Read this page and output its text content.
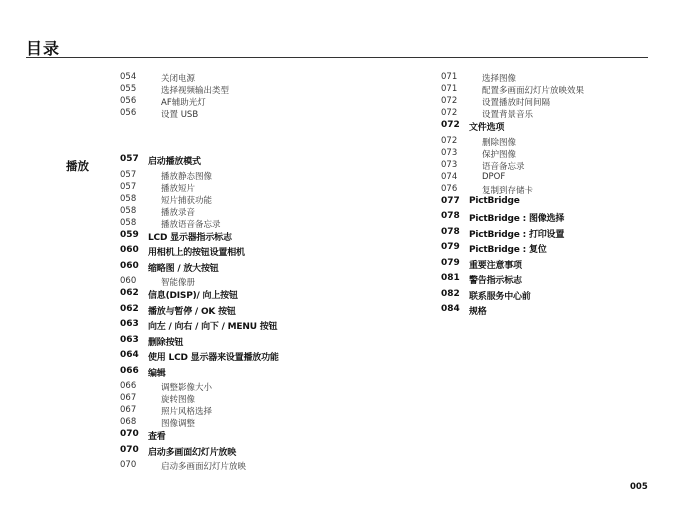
目录
播放
054	关闭电源
055	选择视频输出类型
056	AF辅助光灯
056	设置 USB
057 启动播放模式
057	播放静态图像
057	播放短片
058	短片捕获功能
058	播放录音
058	播放语音备忘录
059 LCD 显示器指示标志
060 用相机上的按钮设置相机
060 缩略图 / 放大按钮
060	智能像册
062 信息(DISP)/ 向上按钮
062 播放与暂停 / OK 按钮
063 向左 / 向右 / 向下 / MENU 按钮
063 删除按钮
064 使用 LCD 显示器来设置播放功能
066 编辑
066	调整影像大小
067	旋转图像
067	照片风格选择
068	图像调整
070 查看
070 启动多画面幻灯片放映
070	启动多画面幻灯片放映
071	选择图像
071	配置多画面幻灯片放映效果
072	设置播放时间间隔
072	设置背景音乐
072 文件选项
072	删除图像
073	保护图像
073	语音备忘录
074	DPOF
076	复制到存储卡
077 PictBridge
078 PictBridge : 图像选择
078 PictBridge : 打印设置
079 PictBridge : 复位
079 重要注意事项
081 警告指示标志
082 联系服务中心前
084 规格
005
